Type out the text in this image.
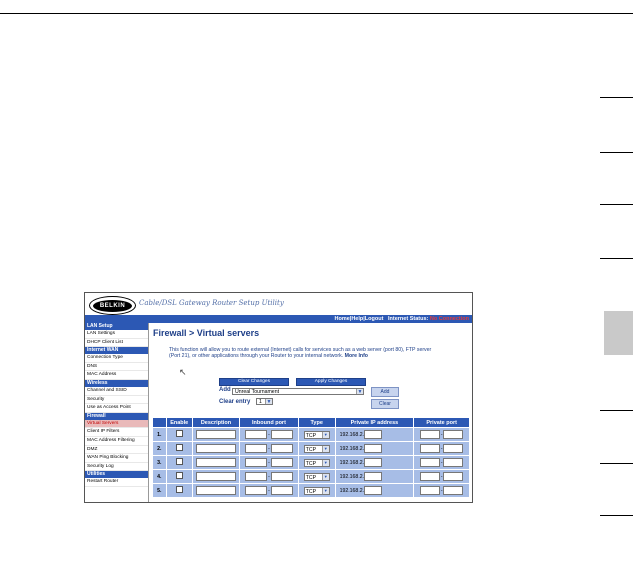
BELKIN	Cable/DSL Gateway Router Setup Utility
Home|Help|Logout Internet Status: No Connection
LAN Setup
LAN Settings
DHCP Client List
Internet WAN
Connection Type
DNS
MAC Address
Wireless
Channel and SSID
Security
Use as Access Point
Firewall
Virtual Servers
Client IP Filters
MAC Address Filtering
DMZ
WAN Ping Blocking
Security Log
Utilities
Restart Router
Firewall > Virtual servers
This function will allow you to route external (Internet) calls for services such as a web server (port 80), FTP server (Port 21), or other applications through your Router to your internal network. More Info
↖
Clear Changes	Apply Changes
Add Unreal Tournament	▼	Add
Clear entry	1 ▼	Clear
	Enable	Description	Inbound port	Type	Private IP address	Private port
1.			-	TCP ▼	192.168.2.	-
2.			-	TCP ▼	192.168.2.	-
3.			-	TCP ▼	192.168.2.	-
4.			-	TCP ▼	192.168.2.	-
5.			-	TCP ▼	192.168.2.	-
